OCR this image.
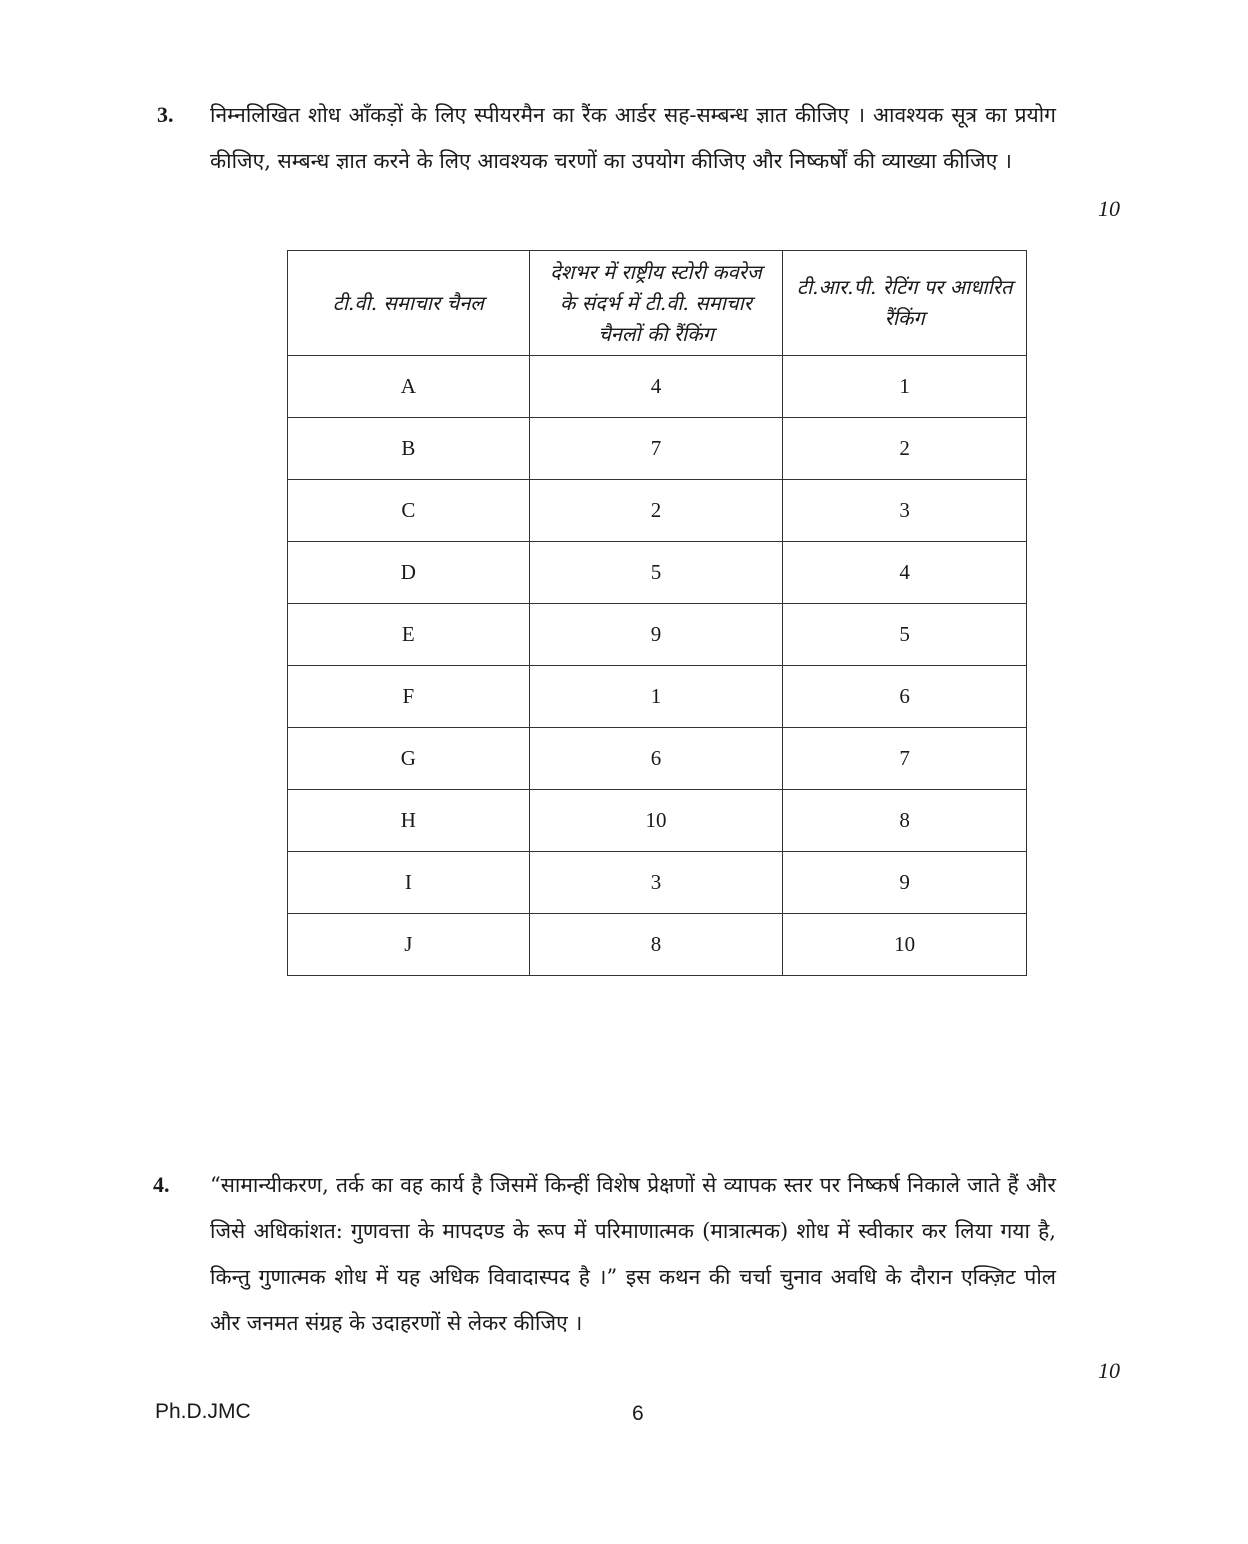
3. निम्नलिखित शोध आँकड़ों के लिए स्पीयरमैन का रैंक आर्डर सह-सम्बन्ध ज्ञात कीजिए । आवश्यक सूत्र का प्रयोग कीजिए, सम्बन्ध ज्ञात करने के लिए आवश्यक चरणों का उपयोग कीजिए और निष्कर्षों की व्याख्या कीजिए ।
10
टी.वी. समाचार चैनल	देशभर में राष्ट्रीय स्टोरी कवरेज के संदर्भ में टी.वी. समाचार चैनलों की रैंकिंग	टी.आर.पी. रेटिंग पर आधारित रैंकिंग
A	4	1
B	7	2
C	2	3
D	5	4
E	9	5
F	1	6
G	6	7
H	10	8
I	3	9
J	8	10
4. “सामान्यीकरण, तर्क का वह कार्य है जिसमें किन्हीं विशेष प्रेक्षणों से व्यापक स्तर पर निष्कर्ष निकाले जाते हैं और जिसे अधिकांशत: गुणवत्ता के मापदण्ड के रूप में परिमाणात्मक (मात्रात्मक) शोध में स्वीकार कर लिया गया है, किन्तु गुणात्मक शोध में यह अधिक विवादास्पद है ।” इस कथन की चर्चा चुनाव अवधि के दौरान एक्ज़िट पोल और जनमत संग्रह के उदाहरणों से लेकर कीजिए ।
10
Ph.D.JMC	6
